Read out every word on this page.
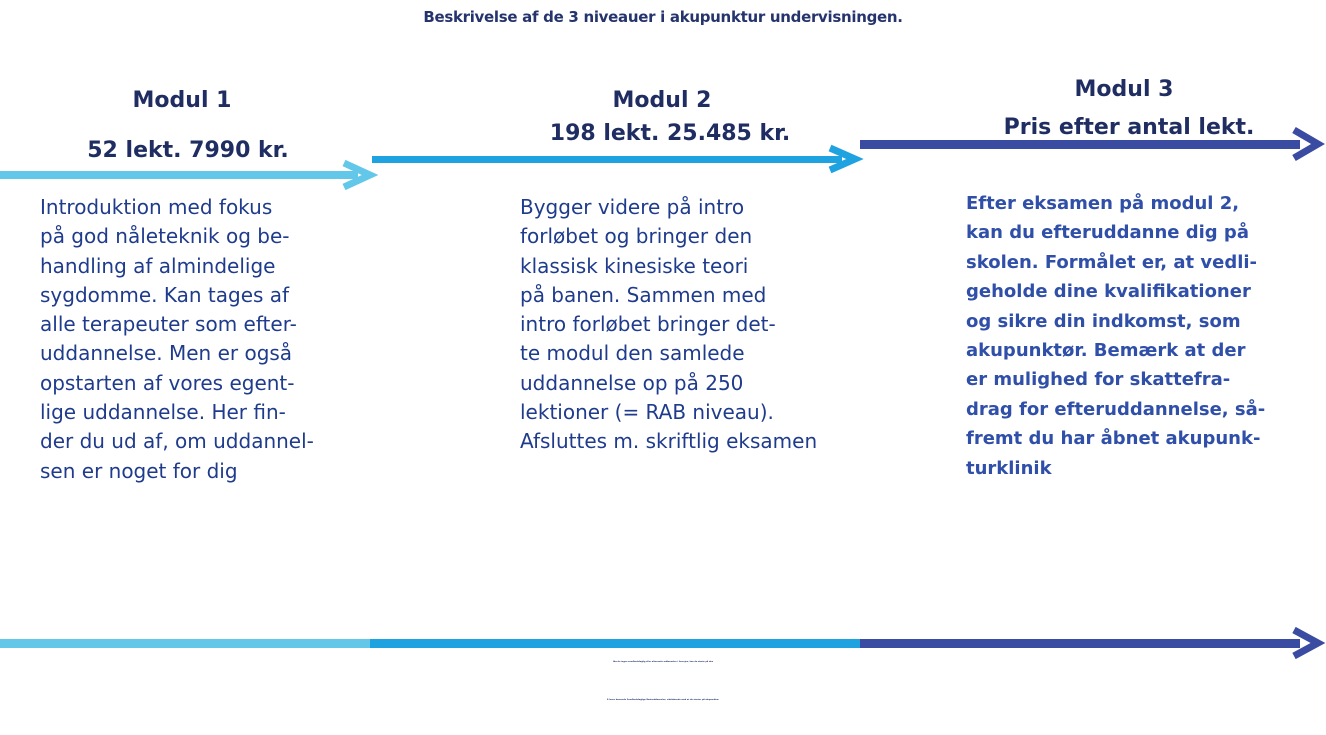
Beskrivelse af de 3 niveauer i akupunktur undervisningen.
Modul 1
52 lekt. 7990 kr.
Introduktion med fokus
på god nåleteknik og be-
handling af almindelige
sygdomme. Kan tages af
alle terapeuter som efter-
uddannelse. Men er også
opstarten af vores egent-
lige uddannelse. Her fin-
der du ud af, om uddannel-
sen er noget for dig
Modul 2
198 lekt. 25.485 kr.
Bygger videre på intro
forløbet og bringer den
klassisk kinesiske teori
på banen. Sammen med
intro forløbet bringer det-
te modul den samlede
uddannelse op på 250
lektioner (= RAB niveau).
Afsluttes m. skriftlig eksamen
Modul 3
Pris efter antal lekt.
Efter eksamen på modul 2,
kan du efteruddanne dig på
skolen. Formålet er, at vedli-
geholde dine kvalifikationer
og sikre din indkomst, som
akupunktør. Bemærk at der
er mulighed for skattefra-
drag for efteruddannelse, så-
fremt du har åbnet akupunk-
turklinik
Har du ingen sundhedsfaglig eller alternativ uddannelse i forvejen, kan du starte på den
E-learn baserede Sundhedsfaglige Basisuddannelse, sideløbende med at du starter på akupunktur.
